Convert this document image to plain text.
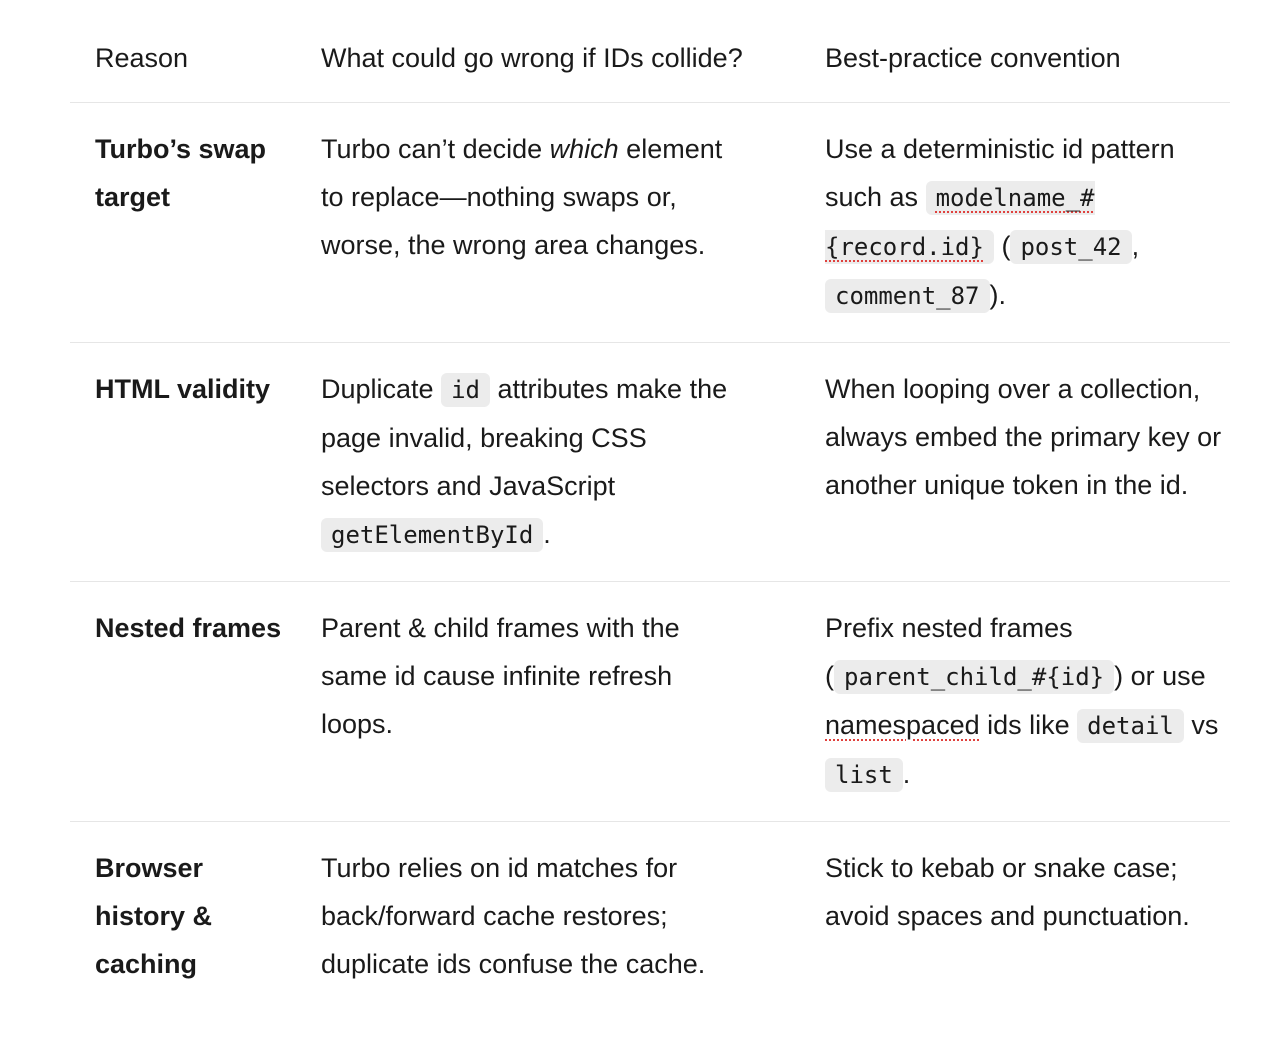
Reason	What could go wrong if IDs collide?	Best-practice convention
Turbo’s swap target	Turbo can’t decide which element to replace—nothing swaps or, worse, the wrong area changes.	Use a deterministic id pattern such as modelname_#{record.id} ( post_42 , comment_87 ).
HTML validity	Duplicate id attributes make the page invalid, breaking CSS selectors and JavaScript getElementById .	When looping over a collection, always embed the primary key or another unique token in the id.
Nested frames	Parent & child frames with the same id cause infinite refresh loops.	Prefix nested frames ( parent_child_#{id} ) or use namespaced ids like detail vs list .
Browser history & caching	Turbo relies on id matches for back/forward cache restores; duplicate ids confuse the cache.	Stick to kebab or snake case; avoid spaces and punctuation.
